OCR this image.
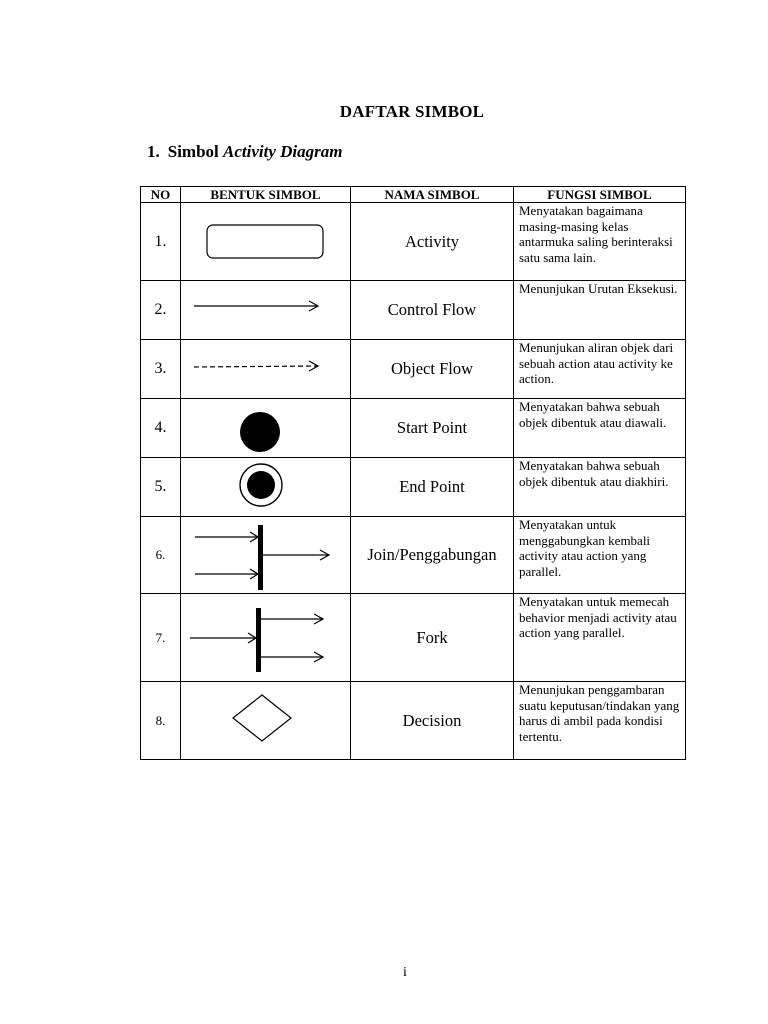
DAFTAR SIMBOL
1. Simbol Activity Diagram
NO	BENTUK SIMBOL	NAMA SIMBOL	FUNGSI SIMBOL
1.		Activity	Menyatakan bagaimana masing-masing kelas antarmuka saling berinteraksi satu sama lain.
2.		Control Flow	Menunjukan Urutan Eksekusi.
3.		Object Flow	Menunjukan aliran objek dari sebuah action atau activity ke action.
4.		Start Point	Menyatakan bahwa sebuah objek dibentuk atau diawali.
5.		End Point	Menyatakan bahwa sebuah objek dibentuk atau diakhiri.
6.		Join/Penggabungan	Menyatakan untuk menggabungkan kembali activity atau action yang parallel.
7.		Fork	Menyatakan untuk memecah behavior menjadi activity atau action yang parallel.
8.		Decision	Menunjukan penggambaran suatu keputusan/tindakan yang harus di ambil pada kondisi tertentu.
i
